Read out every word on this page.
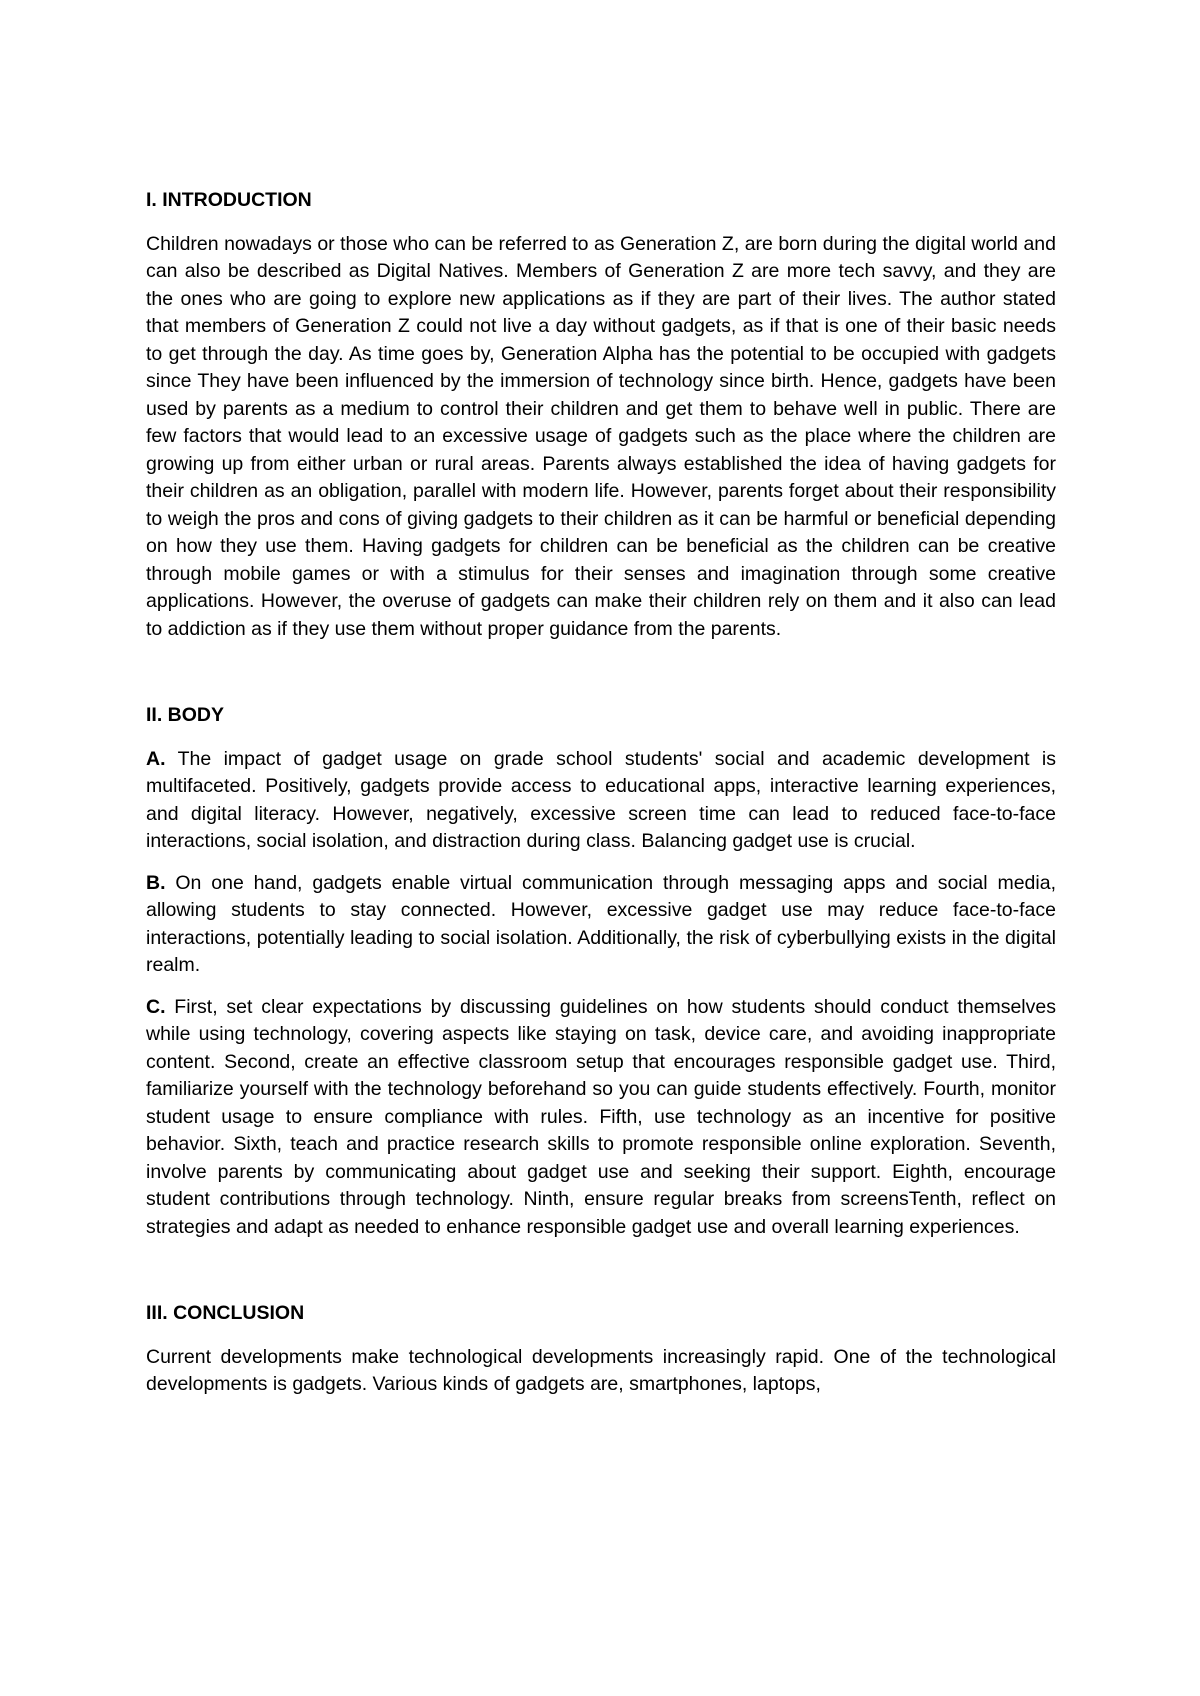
I. INTRODUCTION
Children nowadays or those who can be referred to as Generation Z, are born during the digital world and can also be described as Digital Natives. Members of Generation Z are more tech savvy, and they are the ones who are going to explore new applications as if they are part of their lives. The author stated that members of Generation Z could not live a day without gadgets, as if that is one of their basic needs to get through the day. As time goes by, Generation Alpha has the potential to be occupied with gadgets since They have been influenced by the immersion of technology since birth. Hence, gadgets have been used by parents as a medium to control their children and get them to behave well in public. There are few factors that would lead to an excessive usage of gadgets such as the place where the children are growing up from either urban or rural areas. Parents always established the idea of having gadgets for their children as an obligation, parallel with modern life. However, parents forget about their responsibility to weigh the pros and cons of giving gadgets to their children as it can be harmful or beneficial depending on how they use them. Having gadgets for children can be beneficial as the children can be creative through mobile games or with a stimulus for their senses and imagination through some creative applications. However, the overuse of gadgets can make their children rely on them and it also can lead to addiction as if they use them without proper guidance from the parents.
II. BODY
A. The impact of gadget usage on grade school students' social and academic development is multifaceted. Positively, gadgets provide access to educational apps, interactive learning experiences, and digital literacy. However, negatively, excessive screen time can lead to reduced face-to-face interactions, social isolation, and distraction during class. Balancing gadget use is crucial.
B. On one hand, gadgets enable virtual communication through messaging apps and social media, allowing students to stay connected. However, excessive gadget use may reduce face-to-face interactions, potentially leading to social isolation. Additionally, the risk of cyberbullying exists in the digital realm.
C. First, set clear expectations by discussing guidelines on how students should conduct themselves while using technology, covering aspects like staying on task, device care, and avoiding inappropriate content. Second, create an effective classroom setup that encourages responsible gadget use. Third, familiarize yourself with the technology beforehand so you can guide students effectively. Fourth, monitor student usage to ensure compliance with rules. Fifth, use technology as an incentive for positive behavior. Sixth, teach and practice research skills to promote responsible online exploration. Seventh, involve parents by communicating about gadget use and seeking their support. Eighth, encourage student contributions through technology. Ninth, ensure regular breaks from screensTenth, reflect on strategies and adapt as needed to enhance responsible gadget use and overall learning experiences.
III. CONCLUSION
Current developments make technological developments increasingly rapid. One of the technological developments is gadgets. Various kinds of gadgets are, smartphones, laptops,
